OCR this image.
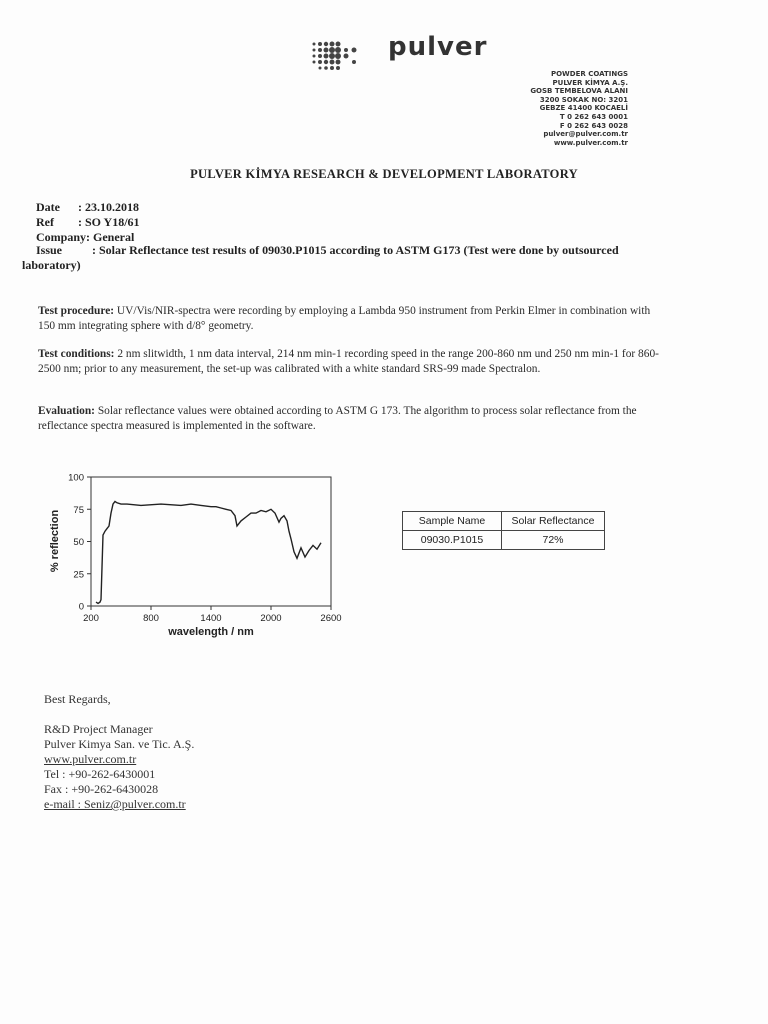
pulver
POWDER COATINGS
PULVER KİMYA A.Ş.
GOSB TEMBELOVA ALANI
3200 SOKAK NO: 3201
GEBZE 41400 KOCAELİ
T 0 262 643 0001
F 0 262 643 0028
pulver@pulver.com.tr
www.pulver.com.tr
PULVER KİMYA RESEARCH & DEVELOPMENT LABORATORY
Date : 23.10.2018
Ref : SO Y18/61
Company: General
Issue : Solar Reflectance test results of 09030.P1015 according to ASTM G173 (Test were done by outsourced laboratory)
Test procedure: UV/Vis/NIR-spectra were recording by employing a Lambda 950 instrument from Perkin Elmer in combination with 150 mm integrating sphere with d/8° geometry.
Test conditions: 2 nm slitwidth, 1 nm data interval, 214 nm min-1 recording speed in the range 200-860 nm und 250 nm min-1 for 860-2500 nm; prior to any measurement, the set-up was calibrated with a white standard SRS-99 made Spectralon.
Evaluation: Solar reflectance values were obtained according to ASTM G 173. The algorithm to process solar reflectance from the reflectance spectra measured is implemented in the software.
0
25
50
75
100
200	800	1400	2000	2600
wavelength / nm
% reflection	Sample Name	Solar Reflectance
09030.P1015	72%
Best Regards,
R&D Project Manager
Pulver Kimya San. ve Tic. A.Ş.
www.pulver.com.tr
Tel : +90-262-6430001
Fax : +90-262-6430028
e-mail : Seniz@pulver.com.tr
